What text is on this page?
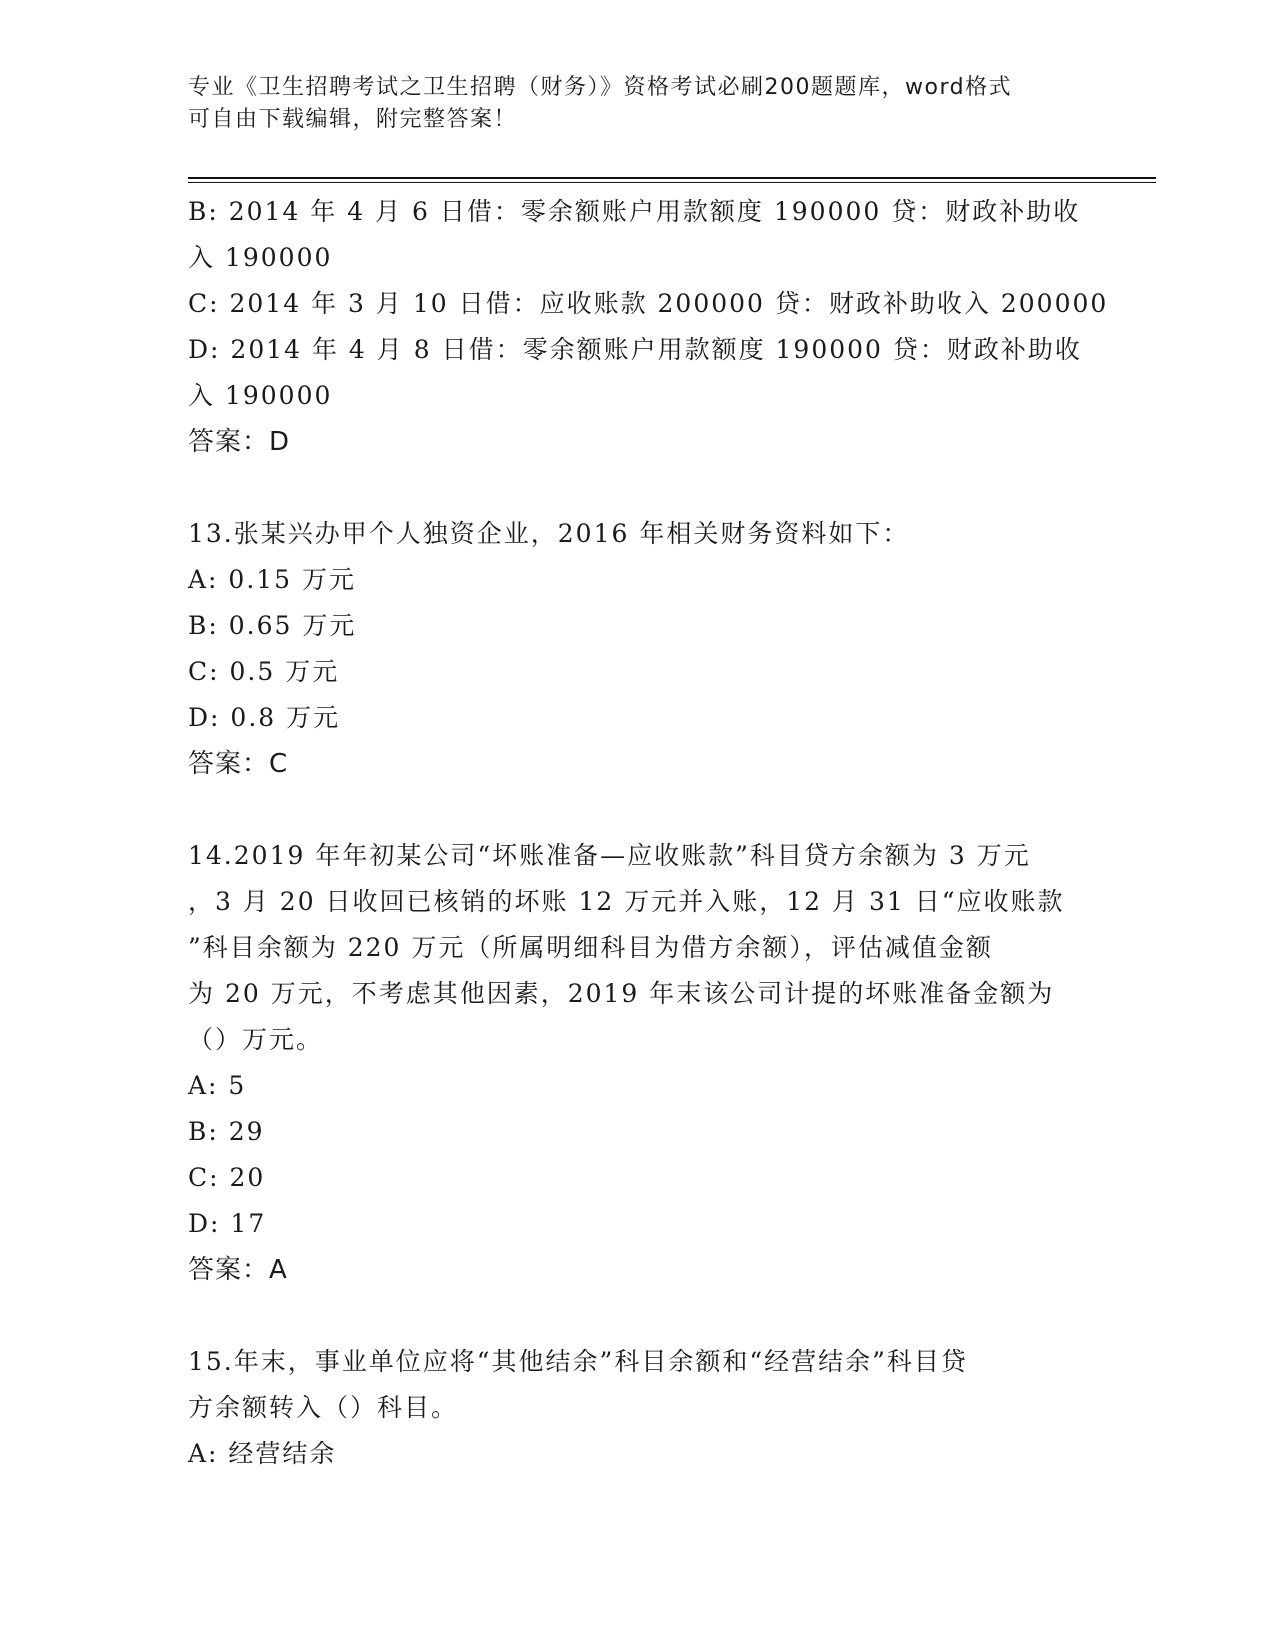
专业《卫生招聘考试之卫生招聘（财务）》资格考试必刷200题题库，word格式
可自由下载编辑，附完整答案！
B: 2014 年 4 月 6 日借：零余额账户用款额度 190000 贷：财政补助收
入 190000
C: 2014 年 3 月 10 日借：应收账款 200000 贷：财政补助收入 200000
D: 2014 年 4 月 8 日借：零余额账户用款额度 190000 贷：财政补助收
入 190000
答案：D
13.张某兴办甲个人独资企业，2016 年相关财务资料如下：
A: 0.15 万元
B: 0.65 万元
C: 0.5 万元
D: 0.8 万元
答案：C
14.2019 年年初某公司“坏账准备—应收账款”科目贷方余额为 3 万元
，3 月 20 日收回已核销的坏账 12 万元并入账，12 月 31 日“应收账款
”科目余额为 220 万元（所属明细科目为借方余额），评估减值金额
为 20 万元，不考虑其他因素，2019 年末该公司计提的坏账准备金额为
（）万元。
A: 5
B: 29
C: 20
D: 17
答案：A
15.年末，事业单位应将“其他结余”科目余额和“经营结余”科目贷
方余额转入（）科目。
A: 经营结余
